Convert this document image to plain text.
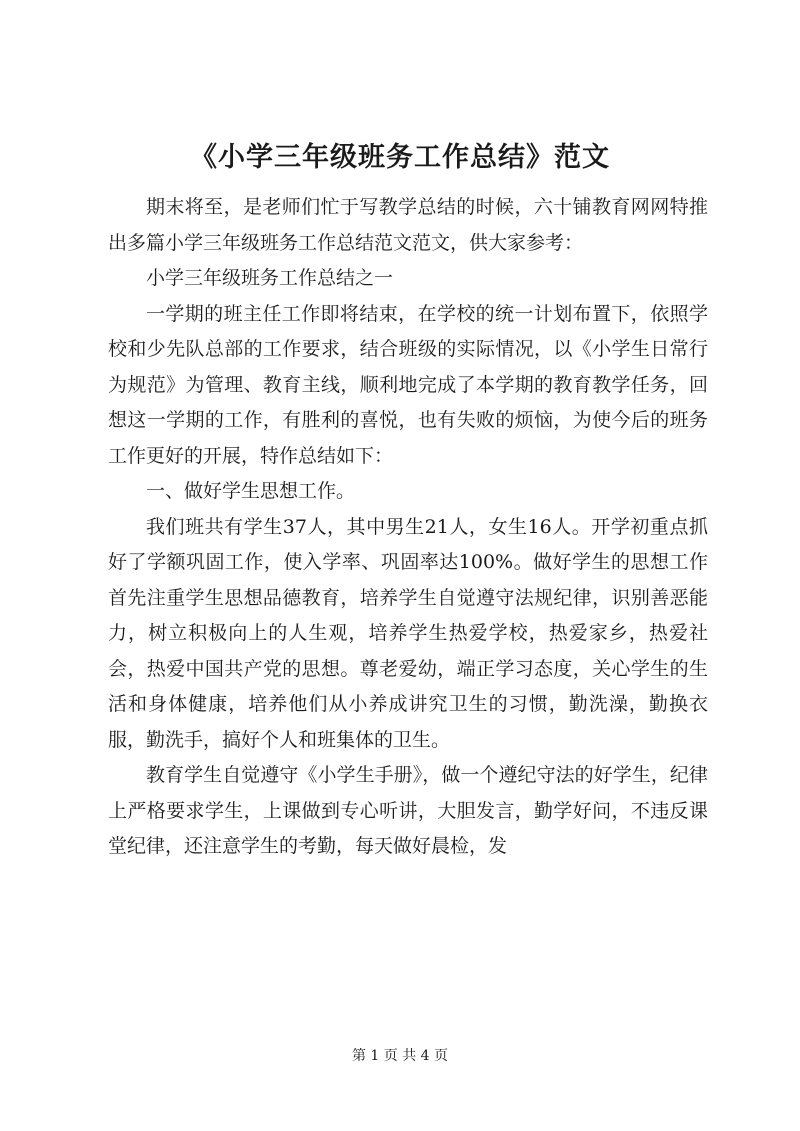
《小学三年级班务工作总结》范文

期末将至，是老师们忙于写教学总结的时候，六十铺教育网网特推出多篇小学三年级班务工作总结范文范文，供大家参考：

小学三年级班务工作总结之一

一学期的班主任工作即将结束，在学校的统一计划布置下，依照学校和少先队总部的工作要求，结合班级的实际情况，以《小学生日常行为规范》为管理、教育主线，顺利地完成了本学期的教育教学任务，回想这一学期的工作，有胜利的喜悦，也有失败的烦恼，为使今后的班务工作更好的开展，特作总结如下：

一、做好学生思想工作。

我们班共有学生37人，其中男生21人，女生16人。开学初重点抓好了学额巩固工作，使入学率、巩固率达100%。做好学生的思想工作首先注重学生思想品德教育，培养学生自觉遵守法规纪律，识别善恶能力，树立积极向上的人生观，培养学生热爱学校，热爱家乡，热爱社会，热爱中国共产党的思想。尊老爱幼，端正学习态度，关心学生的生活和身体健康，培养他们从小养成讲究卫生的习惯，勤洗澡，勤换衣服，勤洗手，搞好个人和班集体的卫生。

教育学生自觉遵守《小学生手册》，做一个遵纪守法的好学生，纪律上严格要求学生，上课做到专心听讲，大胆发言，勤学好问，不违反课堂纪律，还注意学生的考勤，每天做好晨检，发

第 1 页 共 4 页
